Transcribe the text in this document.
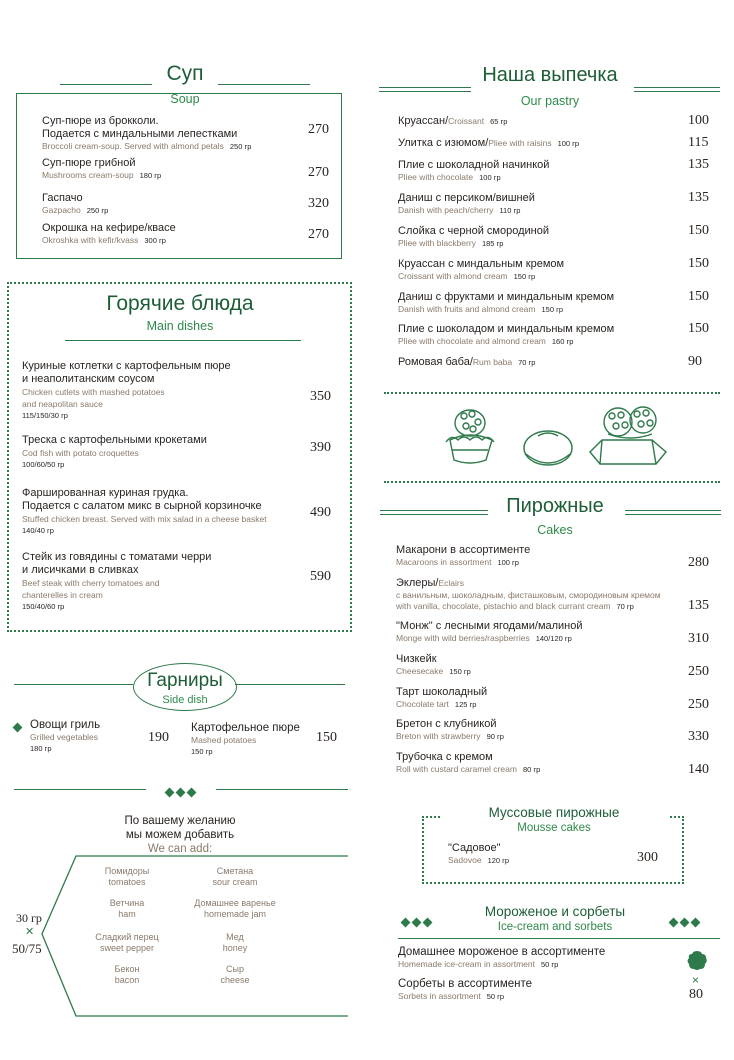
Суп
Soup
Суп-пюре из брокколи.
Подается с миндальными лепестками
Broccoli cream-soup. Served with almond petals 250 гр
270
Суп-пюре грибной
Mushrooms cream-soup 180 гр	270
Гаспачо
Gazpacho 250 гр	320
Окрошка на кефире/квасе
Okroshka with kefir/kvass 300 гр	270
Горячие блюда
Main dishes
Куриные котлетки с картофельным пюре
и неаполитанским соусом
Chicken cutlets with mashed potatoes
and neapolitan sauce
115/150/30 гр
350
Треска с картофельными крокетами
Cod fish with potato croquettes
100/60/50 гр
390
Фаршированная куриная грудка.
Подается с салатом микс в сырной корзиночке
Stuffed chicken breast. Served with mix salad in a cheese basket
140/40 гр
490
Стейк из говядины с томатами черри
и лисичками в сливках
Beef steak with cherry tomatoes and
chanterelles in cream
150/40/60 гр
590
Гарниры
Side dish
Овощи гриль
Grilled vegetables
180 гр
190
Картофельное пюре
Mashed potatoes
150 гр
150
По вашему желанию
мы можем добавить
We can add:
30 гр
✕
50/75
Помидоры
tomatoes
Сметана
sour cream
Ветчина
ham
Домашнее варенье
homemade jam
Сладкий перец
sweet pepper
Мед
honey
Бекон
bacon
Сыр
cheese
Наша выпечка
Our pastry
Круассан/Croissant 65 гр	100
Улитка с изюмом/Pliee with raisins 100 гр	115
Плие с шоколадной начинкой
Pliee with chocolate 100 гр
135
Даниш с персиком/вишней
Danish with peach/cherry 110 гр
135
Слойка с черной смородиной
Pliee with blackberry 185 гр
150
Круассан с миндальным кремом
Croissant with almond cream 150 гр
150
Даниш с фруктами и миндальным кремом
Danish with fruits and almond cream 150 гр
150
Плие с шоколадом и миндальным кремом
Pliee with chocolate and almond cream 160 гр
150
Ромовая баба/Rum baba 70 гр	90
Пирожные
Cakes
Макарони в ассортименте
Macaroons in assortment 100 гр	280
Эклеры/Eclairs
с ванильным, шоколадным, фисташковым, смородиновым кремом
with vanilla, chocolate, pistachio and black currant cream 70 гр	135
"Монж" с лесными ягодами/малиной
Monge with wild berries/raspberries 140/120 гр	310
Чизкейк
Cheesecake 150 гр	250
Тарт шоколадный
Chocolate tart 125 гр	250
Бретон с клубникой
Breton with strawberry 90 гр	330
Трубочка с кремом
Roll with custard caramel cream 80 гр	140
Муссовые пирожные
Mousse cakes
"Садовое"
Sadovoe 120 гр	300
Мороженое и сорбеты
Ice-cream and sorbets
Домашнее мороженое в ассортименте
Homemade ice-cream in assortment 50 гр
Сорбеты в ассортименте
Sorbets in assortment 50 гр
×
80
